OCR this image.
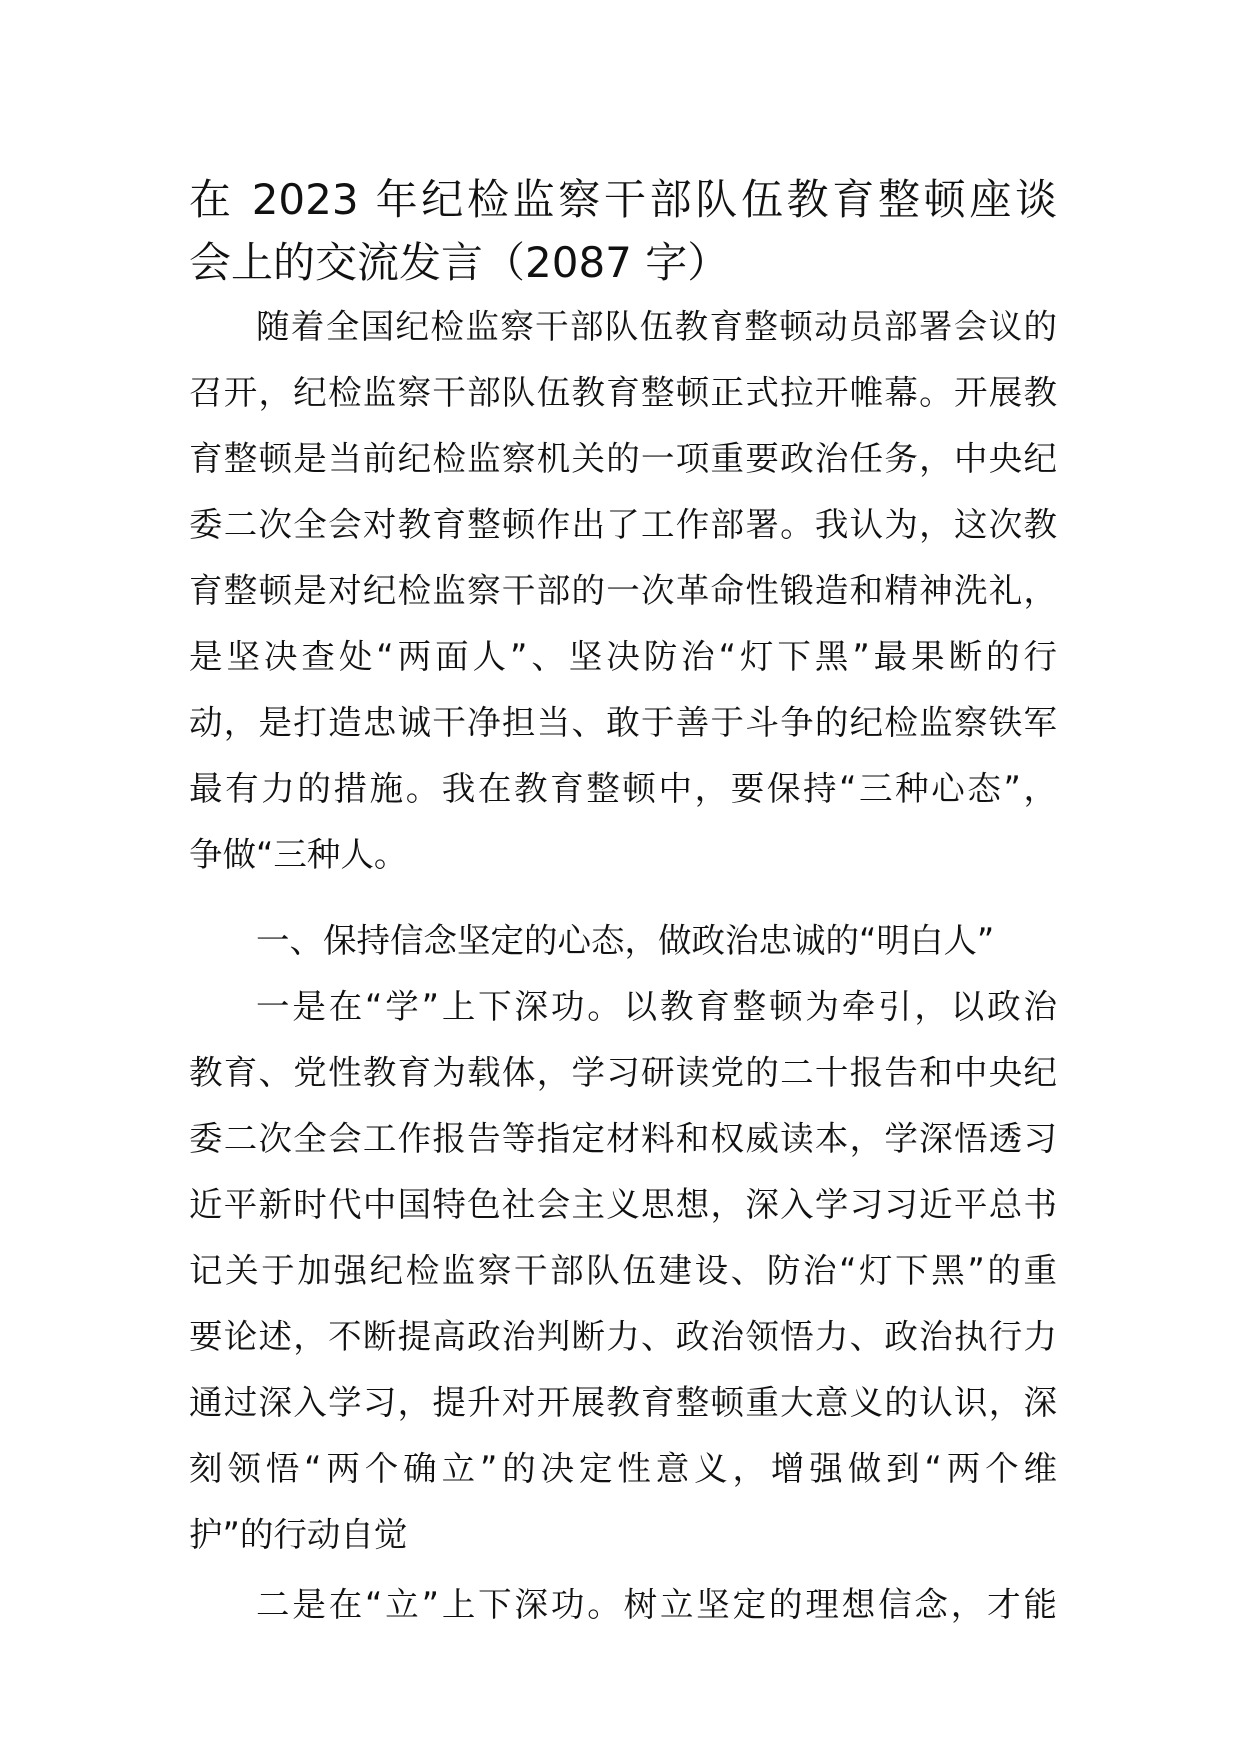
在 2023 年纪检监察干部队伍教育整顿座谈
会上的交流发言（2087 字）
随着全国纪检监察干部队伍教育整顿动员部署会议的
召开，纪检监察干部队伍教育整顿正式拉开帷幕。开展教
育整顿是当前纪检监察机关的一项重要政治任务，中央纪
委二次全会对教育整顿作出了工作部署。我认为，这次教
育整顿是对纪检监察干部的一次革命性锻造和精神洗礼，
是坚决查处“两面人”、坚决防治“灯下黑”最果断的行
动，是打造忠诚干净担当、敢于善于斗争的纪检监察铁军
最有力的措施。我在教育整顿中，要保持“三种心态”，
争做“三种人。
一、保持信念坚定的心态，做政治忠诚的“明白人”
一是在“学”上下深功。以教育整顿为牵引，以政治
教育、党性教育为载体，学习研读党的二十报告和中央纪
委二次全会工作报告等指定材料和权威读本，学深悟透习
近平新时代中国特色社会主义思想，深入学习习近平总书
记关于加强纪检监察干部队伍建设、防治“灯下黑”的重
要论述，不断提高政治判断力、政治领悟力、政治执行力
通过深入学习，提升对开展教育整顿重大意义的认识，深
刻领悟“两个确立”的决定性意义，增强做到“两个维
护”的行动自觉
二是在“立”上下深功。树立坚定的理想信念，才能
